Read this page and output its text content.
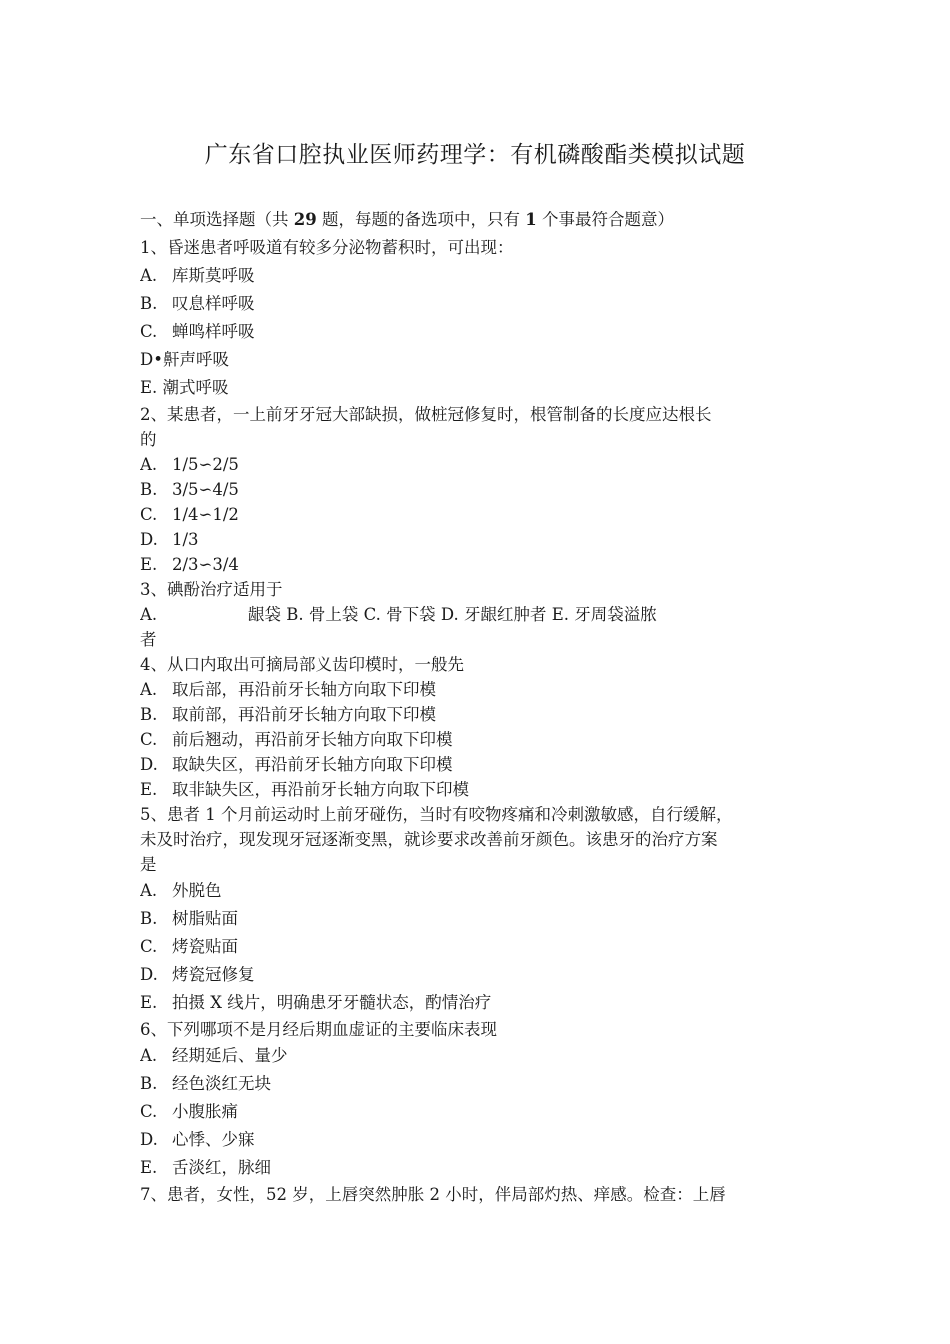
广东省口腔执业医师药理学：有机磷酸酯类模拟试题
一、单项选择题（共 29 题，每题的备选项中，只有 1 个事最符合题意）
1、昏迷患者呼吸道有较多分泌物蓄积时，可出现：
A. 库斯莫呼吸
B. 叹息样呼吸
C. 蝉鸣样呼吸
D•鼾声呼吸
E. 潮式呼吸
2、某患者，一上前牙牙冠大部缺损，做桩冠修复时，根管制备的长度应达根长
的
A. 1/5∽2/5
B. 3/5∽4/5
C. 1/4∽1/2
D. 1/3
E. 2/3∽3/4
3、碘酚治疗适用于
A.	龈袋 B. 骨上袋 C. 骨下袋 D. 牙龈红肿者 E. 牙周袋溢脓
者
4、从口内取出可摘局部义齿印模时，一般先
A. 取后部，再沿前牙长轴方向取下印模
B. 取前部，再沿前牙长轴方向取下印模
C. 前后翘动，再沿前牙长轴方向取下印模
D. 取缺失区，再沿前牙长轴方向取下印模
E. 取非缺失区，再沿前牙长轴方向取下印模
5、患者 1 个月前运动时上前牙碰伤，当时有咬物疼痛和冷刺激敏感，自行缓解，
未及时治疗，现发现牙冠逐渐变黑，就诊要求改善前牙颜色。该患牙的治疗方案
是
A. 外脱色
B. 树脂贴面
C. 烤瓷贴面
D. 烤瓷冠修复
E. 拍摄 X 线片，明确患牙牙髓状态，酌情治疗
6、下列哪项不是月经后期血虚证的主要临床表现
A. 经期延后、量少
B. 经色淡红无块
C. 小腹胀痛
D. 心悸、少寐
E. 舌淡红，脉细
7、患者，女性，52 岁，上唇突然肿胀 2 小时，伴局部灼热、痒感。检查：上唇
